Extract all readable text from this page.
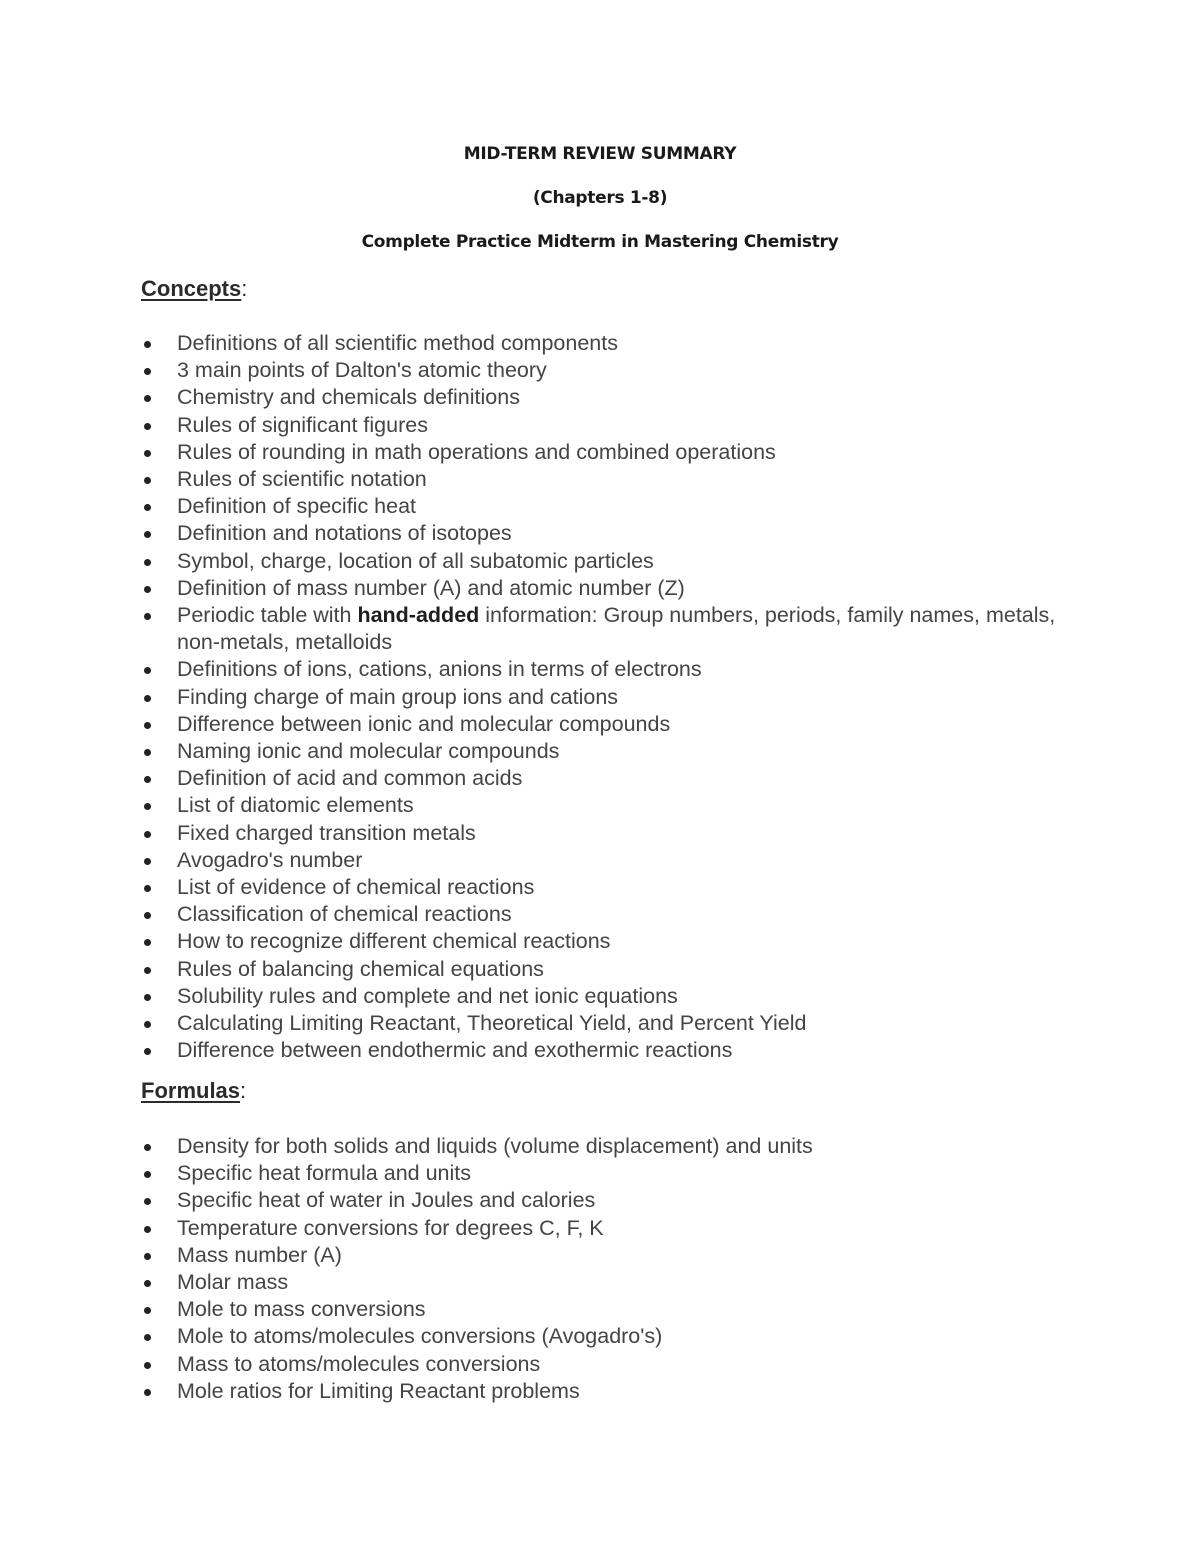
MID-TERM REVIEW SUMMARY
(Chapters 1-8)
Complete Practice Midterm in Mastering Chemistry
Concepts:
Definitions of all scientific method components
3 main points of Dalton's atomic theory
Chemistry and chemicals definitions
Rules of significant figures
Rules of rounding in math operations and combined operations
Rules of scientific notation
Definition of specific heat
Definition and notations of isotopes
Symbol, charge, location of all subatomic particles
Definition of mass number (A) and atomic number (Z)
Periodic table with hand-added information: Group numbers, periods, family names, metals, non-metals, metalloids
Definitions of ions, cations, anions in terms of electrons
Finding charge of main group ions and cations
Difference between ionic and molecular compounds
Naming ionic and molecular compounds
Definition of acid and common acids
List of diatomic elements
Fixed charged transition metals
Avogadro's number
List of evidence of chemical reactions
Classification of chemical reactions
How to recognize different chemical reactions
Rules of balancing chemical equations
Solubility rules and complete and net ionic equations
Calculating Limiting Reactant, Theoretical Yield, and Percent Yield
Difference between endothermic and exothermic reactions
Formulas:
Density for both solids and liquids (volume displacement) and units
Specific heat formula and units
Specific heat of water in Joules and calories
Temperature conversions for degrees C, F, K
Mass number (A)
Molar mass
Mole to mass conversions
Mole to atoms/molecules conversions (Avogadro's)
Mass to atoms/molecules conversions
Mole ratios for Limiting Reactant problems
